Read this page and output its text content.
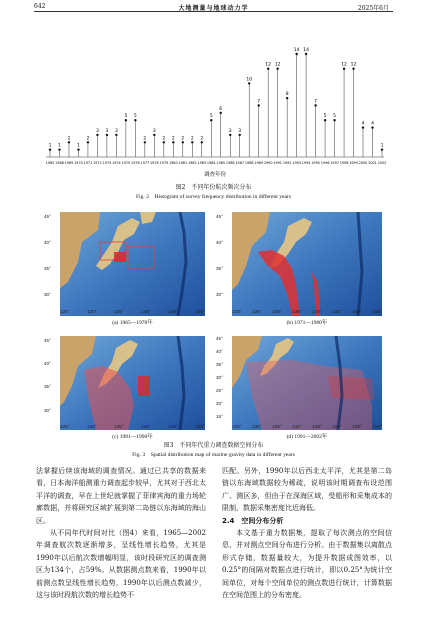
642	大地测量与地球动力学	2025年6月
1 1
2
1
2
3 3 3
5 5
2
3
2 2 2 2 2
5
6
3 3
10
7
12 12
8
14 14
7
5 5
12 12
4 4
1
1965 1968 1969 1970 1971 1972 1973 1974 1975 1976 1977 1978 1979 1980 1981 1982 1983 1984 1985 1986 1987 1988 1989 1990 1991 1992 1993 1994 1995 1996 1997 1998 1999 2000 2001 2002
调查年份
图2　不同年份航次频次分布
Fig. 2　Histogram of survey frequency distribution in different years
(a) 1965—1970年	(b) 1971—1980年
(c) 1981—1990年	(d) 1991—2002年
45°
40°
35°
30°
125°	130°	135°	140°	145°	150°
45°
40°
35°
30°
120° 125° 130° 135° 140° 145° 150° 155°
45°
40°
35°
30°
125°	130°	135°	140°	145°	150°
45°
40°
35°
30°
25°
20°
15°
125° 130° 135° 140° 145° 150° 155° 160°
图3　不同年代重力调查数据空间分布
Fig. 3　Spatial distribution map of marine gravity data in different years

法掌握后续该海域的调查情况。通过已共享的数据来看，日本海洋船测重力调查起步较早，尤其对于西北太平洋的调查，早在上世纪就掌握了菲律宾海的重力场轮廓数据，并将研究区域扩展到第二岛链以东海域的海山区。

从不同年代时间对比（图4）来看，1965—2002年调查航次数逐渐增多，呈线性增长趋势，尤其是1990年以后航次数增幅明显，该时段研究区的调查测区为134个，占59%。从数据测点数来看，1990年以前测点数呈线性增长趋势，1990年以后测点数减少，这与该时段航次数的增长趋势不

匹配。另外，1990年以后西北太平洋，尤其是第二岛链以东海域数据较为稀疏，说明该时期调查布设范围广、测区多，但由于在深海区域，受船形和采集成本的限制，数据采集密度比近海低。

2.4　空间分布分析

本文基于重力数据集，提取了每次测点的空间信息，并对测点空间分布进行分析。由于数据集以离散点形式存储，数据量较大，为提升数据成图效率，以0.25°的间隔对数据点进行统计，即以0.25°为统计空间单位，对每个空间单位的测点数进行统计，计算数据在空间范围上的分布密度。
